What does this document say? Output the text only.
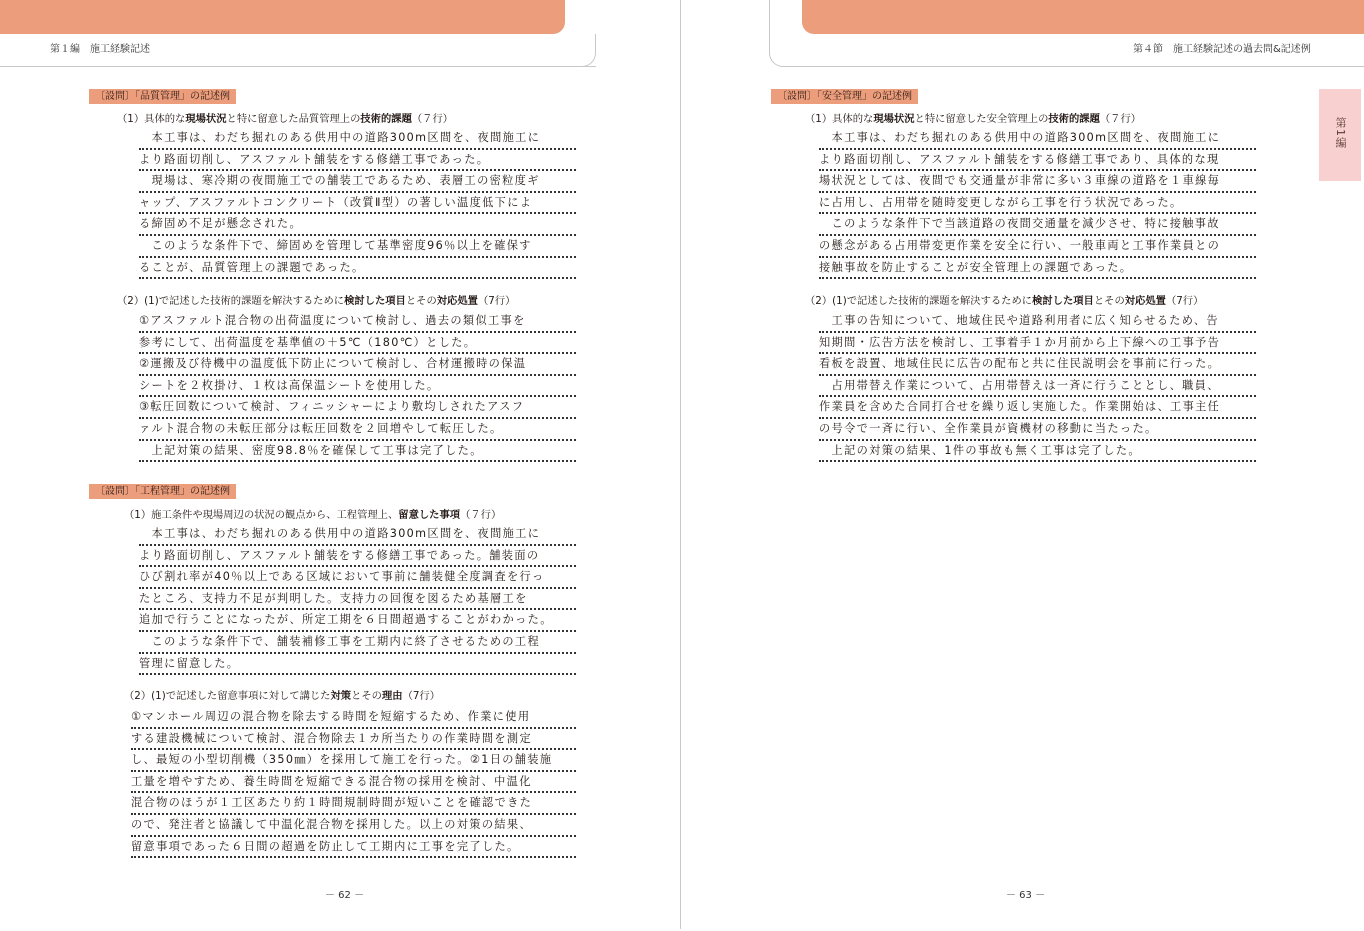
第１編　施工経験記述
〔設問〕「品質管理」の記述例
（1）具体的な現場状況と特に留意した品質管理上の技術的課題（７行）
　本工事は、わだち掘れのある供用中の道路300m区間を、夜間施工に
より路面切削し、アスファルト舗装をする修繕工事であった。
　現場は、寒冷期の夜間施工での舗装工であるため、表層工の密粒度ギ
ャップ、アスファルトコンクリート（改質Ⅱ型）の著しい温度低下によ
る締固め不足が懸念された。
　このような条件下で、締固めを管理して基準密度96％以上を確保す
ることが、品質管理上の課題であった。
（2）(1)で記述した技術的課題を解決するために検討した項目とその対応処置（7行）
①アスファルト混合物の出荷温度について検討し、過去の類似工事を
参考にして、出荷温度を基準値の＋5℃（180℃）とした。
②運搬及び待機中の温度低下防止について検討し、合材運搬時の保温
シートを２枚掛け、１枚は高保温シートを使用した。
③転圧回数について検討、フィニッシャーにより敷均しされたアスフ
ァルト混合物の未転圧部分は転圧回数を２回増やして転圧した。
　上記対策の結果、密度98.8％を確保して工事は完了した。
〔設問〕「工程管理」の記述例
（1）施工条件や現場周辺の状況の観点から、工程管理上、留意した事項（７行）
　本工事は、わだち掘れのある供用中の道路300m区間を、夜間施工に
より路面切削し、アスファルト舗装をする修繕工事であった。舗装面の
ひび割れ率が40％以上である区域において事前に舗装健全度調査を行っ
たところ、支持力不足が判明した。支持力の回復を図るため基層工を
追加で行うことになったが、所定工期を６日間超過することがわかった。
　このような条件下で、舗装補修工事を工期内に終了させるための工程
管理に留意した。
（2）(1)で記述した留意事項に対して講じた対策とその理由（7行）
①マンホール周辺の混合物を除去する時間を短縮するため、作業に使用
する建設機械について検討、混合物除去１カ所当たりの作業時間を測定
し、最短の小型切削機（350㎜）を採用して施工を行った。②1日の舗装施
工量を増やすため、養生時間を短縮できる混合物の採用を検討、中温化
混合物のほうが１工区あたり約１時間規制時間が短いことを確認できた
ので、発注者と協議して中温化混合物を採用した。以上の対策の結果、
留意事項であった６日間の超過を防止して工期内に工事を完了した。
－ 62 －
第４節　施工経験記述の過去問&記述例
〔設問〕「安全管理」の記述例
（1）具体的な現場状況と特に留意した安全管理上の技術的課題（７行）
　本工事は、わだち掘れのある供用中の道路300m区間を、夜間施工に
より路面切削し、アスファルト舗装をする修繕工事であり、具体的な現
場状況としては、夜間でも交通量が非常に多い３車線の道路を１車線毎
に占用し、占用帯を随時変更しながら工事を行う状況であった。
　このような条件下で当該道路の夜間交通量を減少させ、特に接触事故
の懸念がある占用帯変更作業を安全に行い、一般車両と工事作業員との
接触事故を防止することが安全管理上の課題であった。
（2）(1)で記述した技術的課題を解決するために検討した項目とその対応処置（7行）
　工事の告知について、地域住民や道路利用者に広く知らせるため、告
知期間・広告方法を検討し、工事着手１か月前から上下線への工事予告
看板を設置、地域住民に広告の配布と共に住民説明会を事前に行った。
　占用帯替え作業について、占用帯替えは一斉に行うこととし、職員、
作業員を含めた合同打合せを繰り返し実施した。作業開始は、工事主任
の号令で一斉に行い、全作業員が資機材の移動に当たった。
　上記の対策の結果、1件の事故も無く工事は完了した。
－ 63 －
第1編
